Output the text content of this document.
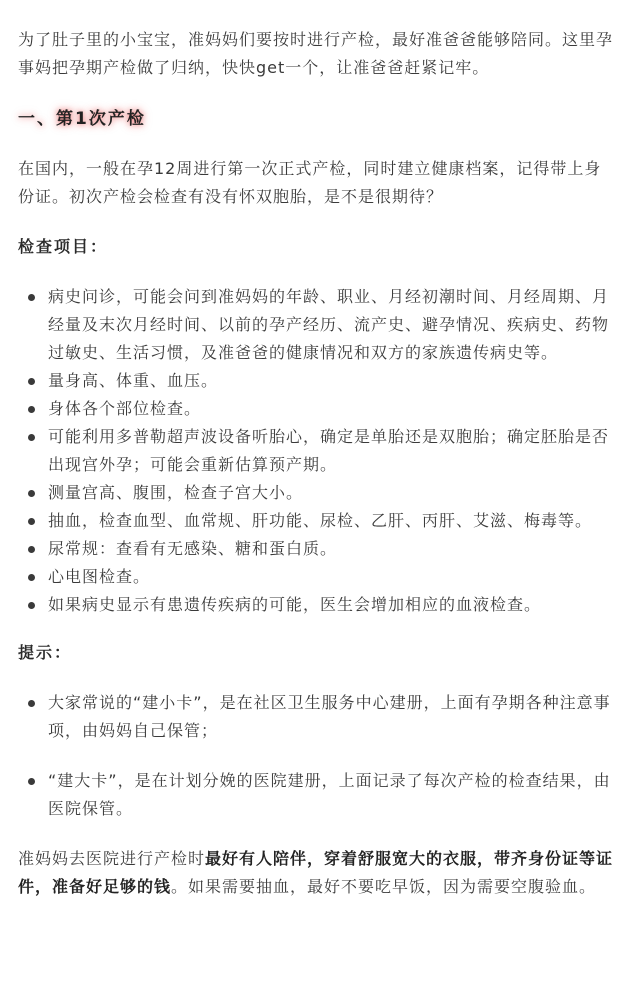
为了肚子里的小宝宝，准妈妈们要按时进行产检，最好准爸爸能够陪同。这里孕事妈把孕期产检做了归纳，快快get一个，让准爸爸赶紧记牢。

一、第1次产检

在国内，一般在孕12周进行第一次正式产检，同时建立健康档案，记得带上身份证。初次产检会检查有没有怀双胞胎，是不是很期待？

检查项目：

病史问诊，可能会问到准妈妈的年龄、职业、月经初潮时间、月经周期、月经量及末次月经时间、以前的孕产经历、流产史、避孕情况、疾病史、药物过敏史、生活习惯，及准爸爸的健康情况和双方的家族遗传病史等。
量身高、体重、血压。
身体各个部位检查。
可能利用多普勒超声波设备听胎心，确定是单胎还是双胞胎；确定胚胎是否出现宫外孕；可能会重新估算预产期。
测量宫高、腹围，检查子宫大小。
抽血，检查血型、血常规、肝功能、尿检、乙肝、丙肝、艾滋、梅毒等。
尿常规：查看有无感染、糖和蛋白质。
心电图检查。
如果病史显示有患遗传疾病的可能，医生会增加相应的血液检查。

提示：

大家常说的“建小卡”，是在社区卫生服务中心建册，上面有孕期各种注意事项，由妈妈自己保管；
“建大卡”，是在计划分娩的医院建册，上面记录了每次产检的检查结果，由医院保管。

准妈妈去医院进行产检时最好有人陪伴，穿着舒服宽大的衣服，带齐身份证等证件，准备好足够的钱。如果需要抽血，最好不要吃早饭，因为需要空腹验血。
